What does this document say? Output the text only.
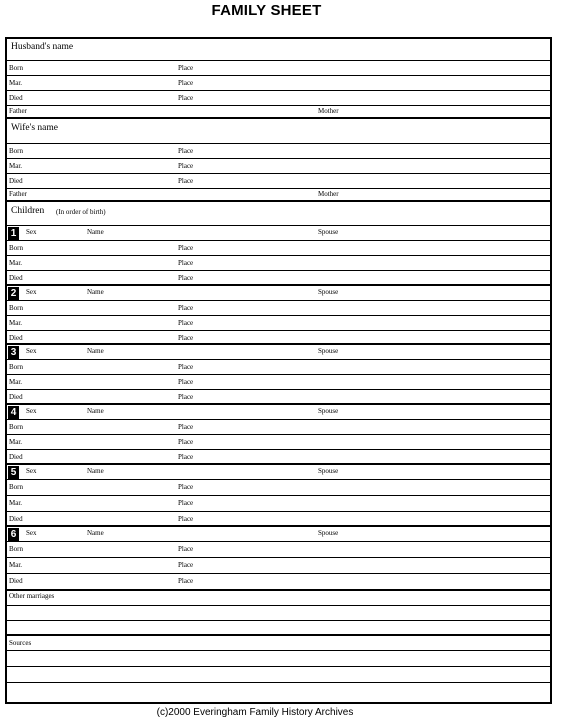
FAMILY SHEET
Husband's name
Born	Place
Mar.	Place
Died	Place
Father	Mother
Wife's name
Born	Place
Mar.	Place
Died	Place
Father	Mother
Children (In order of birth)
1	Sex	Name	Spouse
Born	Place
Mar.	Place
Died	Place
2	Sex	Name	Spouse
Born	Place
Mar.	Place
Died	Place
3	Sex	Name	Spouse
Born	Place
Mar.	Place
Died	Place
4	Sex	Name	Spouse
Born	Place
Mar.	Place
Died	Place
5	Sex	Name	Spouse
Born	Place
Mar.	Place
Died	Place
6	Sex	Name	Spouse
Born	Place
Mar.	Place
Died	Place
Other marriages
Sources
(c)2000 Everingham Family History Archives
